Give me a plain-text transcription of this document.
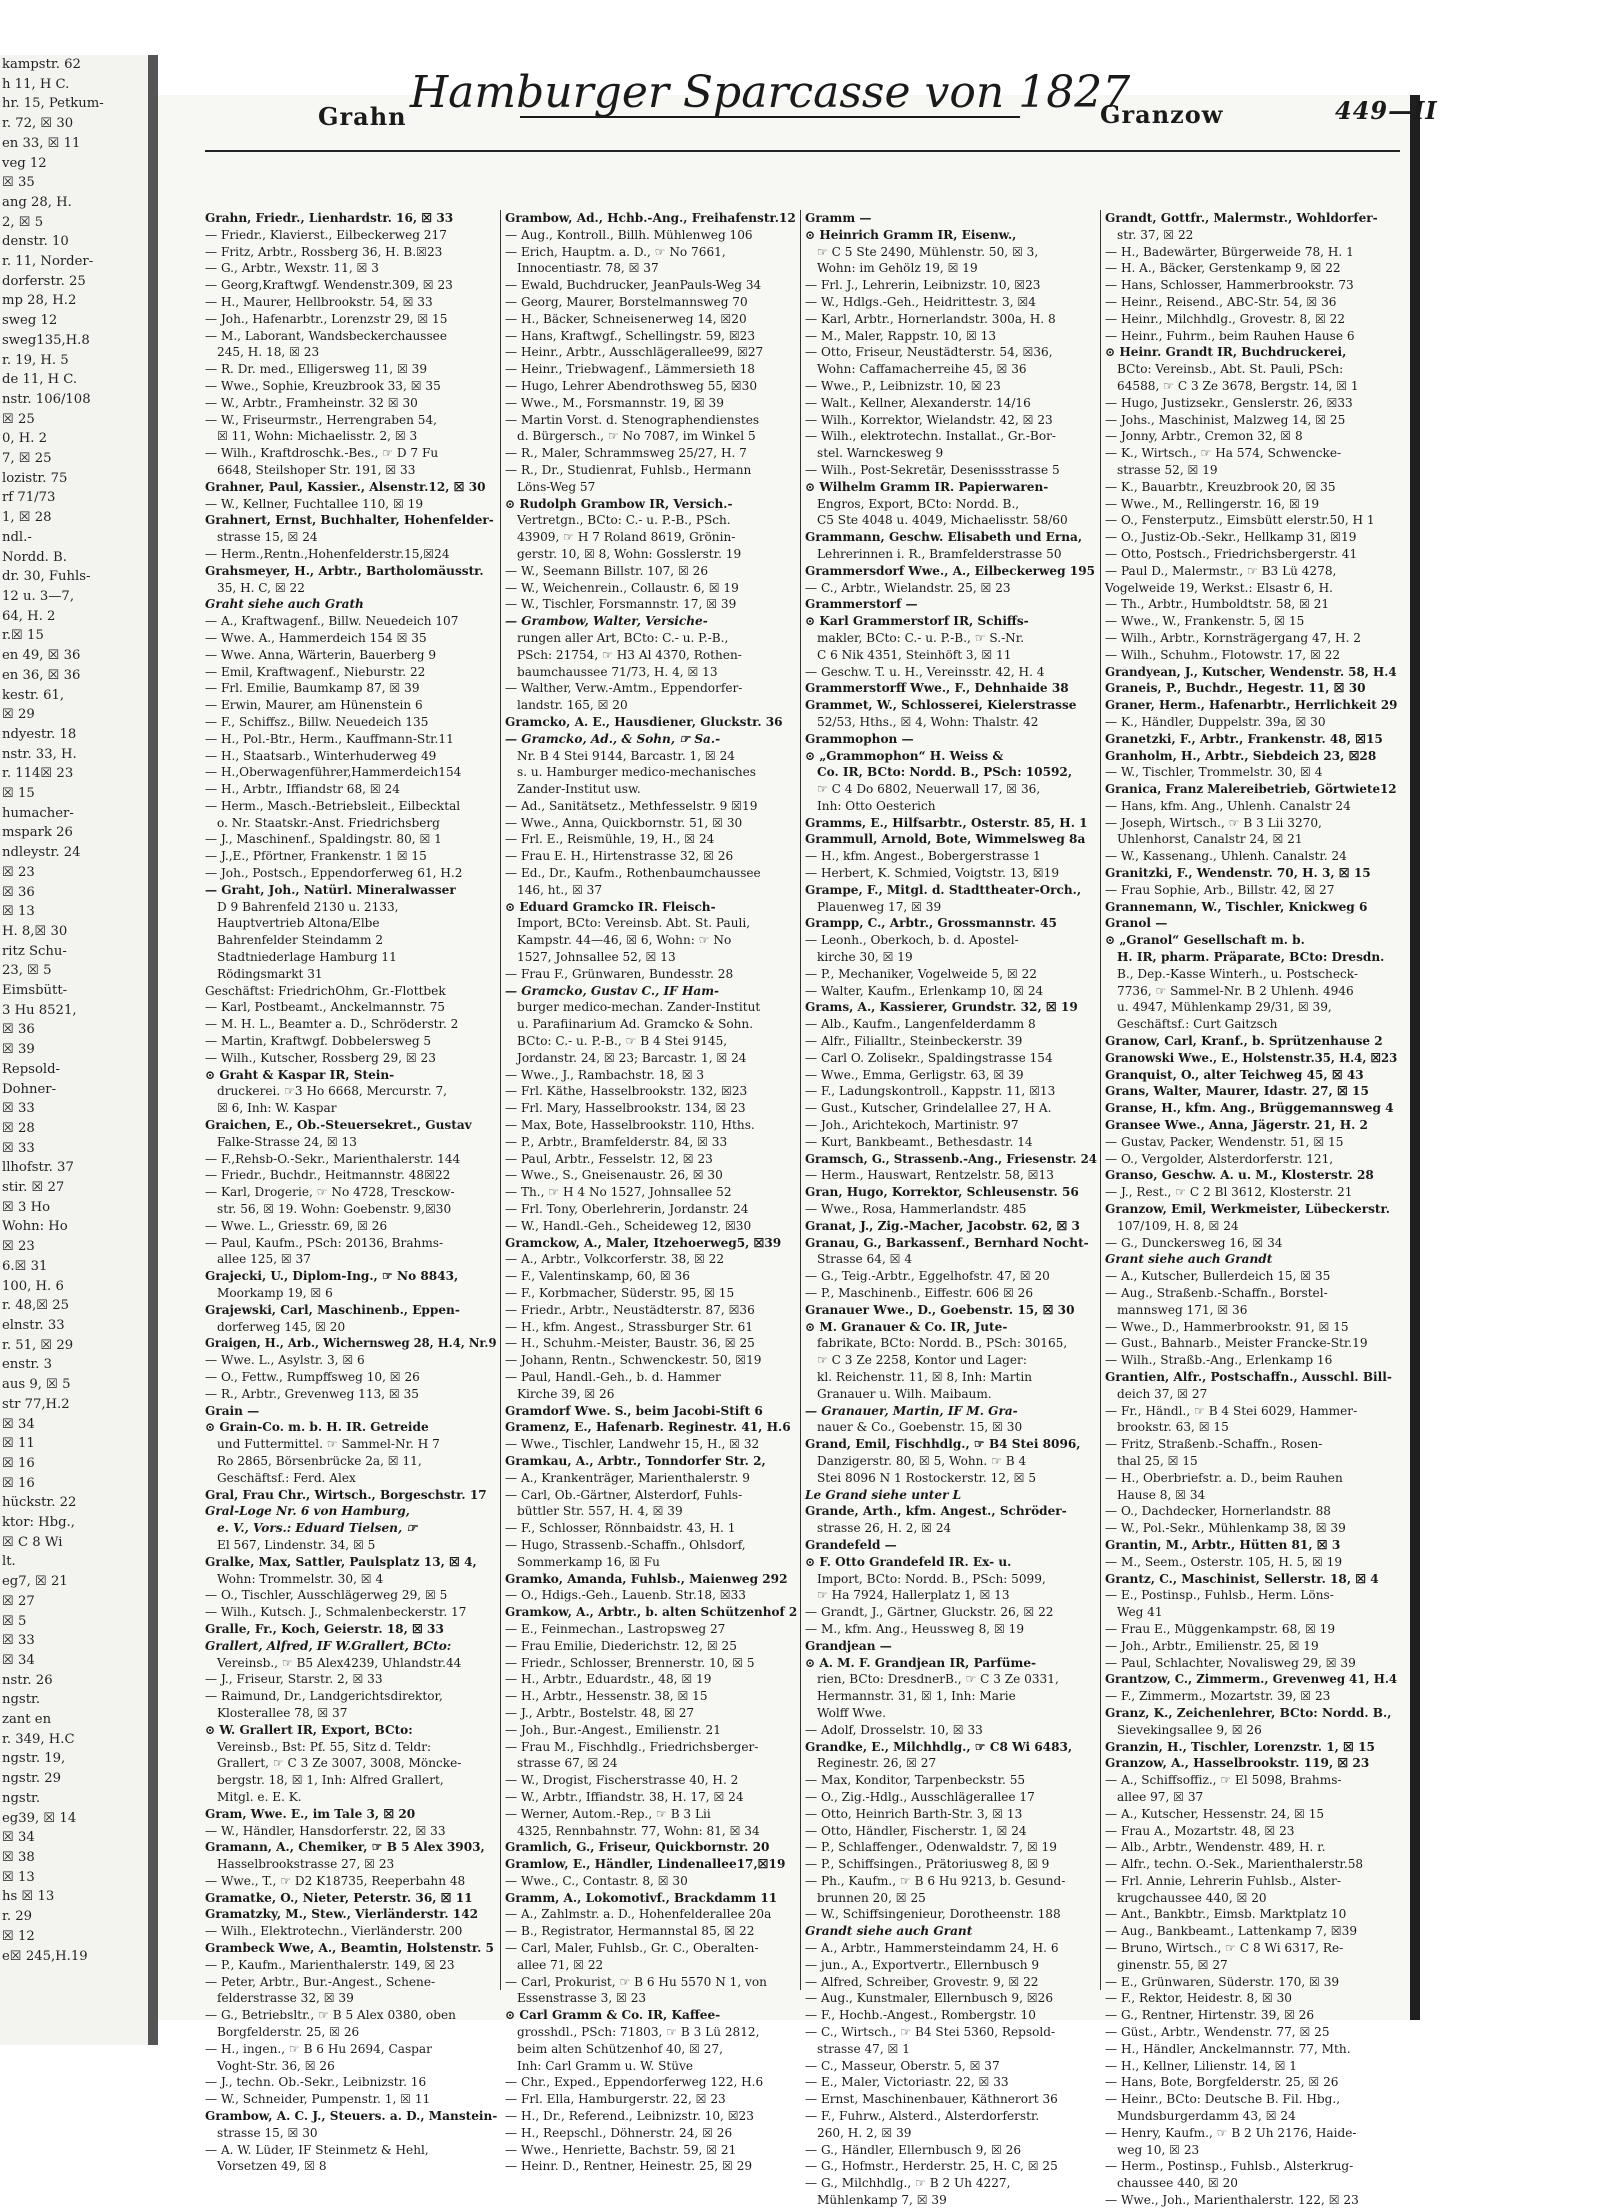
kampstr. 62
h 11, H C.
hr. 15, Petkum-
r. 72, ☒ 30
en 33, ☒ 11
veg 12
☒ 35
ang 28, H.
2, ☒ 5
denstr. 10
r. 11, Norder-
dorferstr. 25
mp 28, H.2
sweg 12
sweg135,H.8
r. 19, H. 5
de 11, H C.
nstr. 106/108
☒ 25
0, H. 2
7, ☒ 25
lozistr. 75
rf 71/73
1, ☒ 28
ndl.-
Nordd. B.
dr. 30, Fuhls-
12 u. 3—7,
64, H. 2
r.☒ 15
en 49, ☒ 36
en 36, ☒ 36
kestr. 61,
☒ 29
ndyestr. 18
nstr. 33, H.
r. 114☒ 23
☒ 15
humacher-
mspark 26
ndleystr. 24
☒ 23
☒ 36
☒ 13
H. 8,☒ 30
ritz Schu-
23, ☒ 5
Eimsbütt-
3 Hu 8521,
☒ 36
☒ 39
Repsold-
Dohner-
☒ 33
☒ 28
☒ 33
llhofstr. 37
stir. ☒ 27
☒ 3 Ho
Wohn: Ho
☒ 23
6.☒ 31
100, H. 6
r. 48,☒ 25
elnstr. 33
r. 51, ☒ 29
enstr. 3
aus 9, ☒ 5
str 77,H.2
☒ 34
☒ 11
☒ 16
☒ 16
hückstr. 22
ktor: Hbg.,
☒ C 8 Wi
lt.
eg7, ☒ 21
☒ 27
☒ 5
☒ 33
☒ 34
nstr. 26
ngstr.
zant en
r. 349, H.C
ngstr. 19,
ngstr. 29
ngstr.
eg39, ☒ 14
☒ 34
☒ 38
☒ 13
hs ☒ 13
r. 29
☒ 12
e☒ 245,H.19
Grahn Hamburger Sparcasse von 1827
Granzow	449—II
Grahn, Friedr., Lienhardstr. 16, ☒ 33
— Friedr., Klavierst., Eilbeckerweg 217
— Fritz, Arbtr., Rossberg 36, H. B.☒23
— G., Arbtr., Wexstr. 11, ☒ 3
— Georg,Kraftwgf. Wendenstr.309, ☒ 23
— H., Maurer, Hellbrookstr. 54, ☒ 33
— Joh., Hafenarbtr., Lorenzstr 29, ☒ 15
— M., Laborant, Wandsbeckerchaussee
245, H. 18, ☒ 23
— R. Dr. med., Elligersweg 11, ☒ 39
— Wwe., Sophie, Kreuzbrook 33, ☒ 35
— W., Arbtr., Framheinstr. 32 ☒ 30
— W., Friseurmstr., Herrengraben 54,
☒ 11, Wohn: Michaelisstr. 2, ☒ 3
— Wilh., Kraftdroschk.-Bes., ☞ D 7 Fu
6648, Steilshoper Str. 191, ☒ 33
Grahner, Paul, Kassier., Alsenstr.12, ☒ 30
— W., Kellner, Fuchtallee 110, ☒ 19
Grahnert, Ernst, Buchhalter, Hohenfelder-
strasse 15, ☒ 24
— Herm.,Rentn.,Hohenfelderstr.15,☒24
Grahsmeyer, H., Arbtr., Bartholomäusstr.
35, H. C, ☒ 22
Graht siehe auch Grath
— A., Kraftwagenf., Billw. Neuedeich 107
— Wwe. A., Hammerdeich 154 ☒ 35
— Wwe. Anna, Wärterin, Bauerberg 9
— Emil, Kraftwagenf., Nieburstr. 22
— Frl. Emilie, Baumkamp 87, ☒ 39
— Erwin, Maurer, am Hünenstein 6
— F., Schiffsz., Billw. Neuedeich 135
— H., Pol.-Btr., Herm., Kauffmann-Str.11
— H., Staatsarb., Winterhuderweg 49
— H.,Oberwagenführer,Hammerdeich154
— H., Arbtr., Iffiandstr 68, ☒ 24
— Herm., Masch.-Betriebsleit., Eilbecktal
o. Nr. Staatskr.-Anst. Friedrichsberg
— J., Maschinenf., Spaldingstr. 80, ☒ 1
— J.,E., Pförtner, Frankenstr. 1 ☒ 15
— Joh., Postsch., Eppendorferweg 61, H.2
— Graht, Joh., Natürl. Mineralwasser
D 9 Bahrenfeld 2130 u. 2133,
Hauptvertrieb Altona/Elbe
Bahrenfelder Steindamm 2
Stadtniederlage Hamburg 11
Rödingsmarkt 31
Geschäftst: FriedrichOhm, Gr.-Flottbek
— Karl, Postbeamt., Anckelmannstr. 75
— M. H. L., Beamter a. D., Schröderstr. 2
— Martin, Kraftwgf. Dobbelersweg 5
— Wilh., Kutscher, Rossberg 29, ☒ 23
⊙ Graht & Kaspar IR, Stein-
druckerei. ☞3 Ho 6668, Mercurstr. 7,
☒ 6, Inh: W. Kaspar
Graichen, E., Ob.-Steuersekret., Gustav
Falke-Strasse 24, ☒ 13
— F.,Rehsb-O.-Sekr., Marienthalerstr. 144
— Friedr., Buchdr., Heitmannstr. 48☒22
— Karl, Drogerie, ☞ No 4728, Tresckow-
str. 56, ☒ 19. Wohn: Goebenstr. 9,☒30
— Wwe. L., Griesstr. 69, ☒ 26
— Paul, Kaufm., PSch: 20136, Brahms-
allee 125, ☒ 37
Grajecki, U., Diplom-Ing., ☞ No 8843,
Moorkamp 19, ☒ 6
Grajewski, Carl, Maschinenb., Eppen-
dorferweg 145, ☒ 20
Graigen, H., Arb., Wichernsweg 28, H.4, Nr.9
— Wwe. L., Asylstr. 3, ☒ 6
— O., Fettw., Rumpffsweg 10, ☒ 26
— R., Arbtr., Grevenweg 113, ☒ 35
Grain —
⊙ Grain-Co. m. b. H. IR. Getreide
und Futtermittel. ☞ Sammel-Nr. H 7
Ro 2865, Börsenbrücke 2a, ☒ 11,
Geschäftsf.: Ferd. Alex
Gral, Frau Chr., Wirtsch., Borgeschstr. 17
Gral-Loge Nr. 6 von Hamburg,
e. V., Vors.: Eduard Tielsen, ☞
El 567, Lindenstr. 34, ☒ 5
Gralke, Max, Sattler, Paulsplatz 13, ☒ 4,
Wohn: Trommelstr. 30, ☒ 4
— O., Tischler, Ausschlägerweg 29, ☒ 5
— Wilh., Kutsch. J., Schmalenbeckerstr. 17
Gralle, Fr., Koch, Geierstr. 18, ☒ 33
Grallert, Alfred, IF W.Grallert, BCto:
Vereinsb., ☞ B5 Alex4239, Uhlandstr.44
— J., Friseur, Starstr. 2, ☒ 33
— Raimund, Dr., Landgerichtsdirektor,
Klosterallee 78, ☒ 37
⊙ W. Grallert IR, Export, BCto:
Vereinsb., Bst: Pf. 55, Sitz d. Teldr:
Grallert, ☞ C 3 Ze 3007, 3008, Möncke-
bergstr. 18, ☒ 1, Inh: Alfred Grallert,
Mitgl. e. E. K.
Gram, Wwe. E., im Tale 3, ☒ 20
— W., Händler, Hansdorferstr. 22, ☒ 33
Gramann, A., Chemiker, ☞ B 5 Alex 3903,
Hasselbrookstrasse 27, ☒ 23
— Wwe., T., ☞ D2 K18735, Reeperbahn 48
Gramatke, O., Nieter, Peterstr. 36, ☒ 11
Gramatzky, M., Stew., Vierländerstr. 142
— Wilh., Elektrotechn., Vierländerstr. 200
Grambeck Wwe, A., Beamtin, Holstenstr. 5
— P., Kaufm., Marienthalerstr. 149, ☒ 23
— Peter, Arbtr., Bur.-Angest., Schene-
felderstrasse 32, ☒ 39
— G., Betriebsltr., ☞ B 5 Alex 0380, oben
Borgfelderstr. 25, ☒ 26
— H., ingen., ☞ B 6 Hu 2694, Caspar
Voght-Str. 36, ☒ 26
— J., techn. Ob.-Sekr., Leibnizstr. 16
— W., Schneider, Pumpenstr. 1, ☒ 11
Grambow, A. C. J., Steuers. a. D., Manstein-
strasse 15, ☒ 30
— A. W. Lüder, IF Steinmetz & Hehl,
Vorsetzen 49, ☒ 8
Grambow, Ad., Hchb.-Ang., Freihafenstr.12
— Aug., Kontroll., Billh. Mühlenweg 106
— Erich, Hauptm. a. D., ☞ No 7661,
Innocentiastr. 78, ☒ 37
— Ewald, Buchdrucker, JeanPauls-Weg 34
— Georg, Maurer, Borstelmannsweg 70
— H., Bäcker, Schneisenerweg 14, ☒20
— Hans, Kraftwgf., Schellingstr. 59, ☒23
— Heinr., Arbtr., Ausschlägerallee99, ☒27
— Heinr., Triebwagenf., Lämmersieth 18
— Hugo, Lehrer Abendrothsweg 55, ☒30
— Wwe., M., Forsmannstr. 19, ☒ 39
— Martin Vorst. d. Stenographendienstes
d. Bürgersch., ☞ No 7087, im Winkel 5
— R., Maler, Schrammsweg 25/27, H. 7
— R., Dr., Studienrat, Fuhlsb., Hermann
Löns-Weg 57
⊙ Rudolph Grambow IR, Versich.-
Vertretgn., BCto: C.- u. P.-B., PSch.
43909, ☞ H 7 Roland 8619, Grönin-
gerstr. 10, ☒ 8, Wohn: Gosslerstr. 19
— W., Seemann Billstr. 107, ☒ 26
— W., Weichenrein., Collaustr. 6, ☒ 19
— W., Tischler, Forsmannstr. 17, ☒ 39
— Grambow, Walter, Versiche-
rungen aller Art, BCto: C.- u. P.-B.,
PSch: 21754, ☞ H3 Al 4370, Rothen-
baumchaussee 71/73, H. 4, ☒ 13
— Walther, Verw.-Amtm., Eppendorfer-
landstr. 165, ☒ 20
Gramcko, A. E., Hausdiener, Gluckstr. 36
— Gramcko, Ad., & Sohn, ☞ Sa.-
Nr. B 4 Stei 9144, Barcastr. 1, ☒ 24
s. u. Hamburger medico-mechanisches
Zander-Institut usw.
— Ad., Sanitätsetz., Methfesselstr. 9 ☒19
— Wwe., Anna, Quickbornstr. 51, ☒ 30
— Frl. E., Reismühle, 19, H., ☒ 24
— Frau E. H., Hirtenstrasse 32, ☒ 26
— Ed., Dr., Kaufm., Rothenbaumchaussee
146, ht., ☒ 37
⊙ Eduard Gramcko IR. Fleisch-
Import, BCto: Vereinsb. Abt. St. Pauli,
Kampstr. 44—46, ☒ 6, Wohn: ☞ No
1527, Johnsallee 52, ☒ 13
— Frau F., Grünwaren, Bundesstr. 28
— Gramcko, Gustav C., IF Ham-
burger medico-mechan. Zander-Institut
u. Parafiinarium Ad. Gramcko & Sohn.
BCto: C.- u. P.-B., ☞ B 4 Stei 9145,
Jordanstr. 24, ☒ 23; Barcastr. 1, ☒ 24
— Wwe., J., Rambachstr. 18, ☒ 3
— Frl. Käthe, Hasselbrookstr. 132, ☒23
— Frl. Mary, Hasselbrookstr. 134, ☒ 23
— Max, Bote, Hasselbrookstr. 110, Hths.
— P., Arbtr., Bramfelderstr. 84, ☒ 33
— Paul, Arbtr., Fesselstr. 12, ☒ 23
— Wwe., S., Gneisenaustr. 26, ☒ 30
— Th., ☞ H 4 No 1527, Johnsallee 52
— Frl. Tony, Oberlehrerin, Jordanstr. 24
— W., Handl.-Geh., Scheideweg 12, ☒30
Gramckow, A., Maler, Itzehoerweg5, ☒39
— A., Arbtr., Volkcorferstr. 38, ☒ 22
— F., Valentinskamp, 60, ☒ 36
— F., Korbmacher, Süderstr. 95, ☒ 15
— Friedr., Arbtr., Neustädterstr. 87, ☒36
— H., kfm. Angest., Strassburger Str. 61
— H., Schuhm.-Meister, Baustr. 36, ☒ 25
— Johann, Rentn., Schwenckestr. 50, ☒19
— Paul, Handl.-Geh., b. d. Hammer
Kirche 39, ☒ 26
Gramdorf Wwe. S., beim Jacobi-Stift 6
Gramenz, E., Hafenarb. Reginestr. 41, H.6
— Wwe., Tischler, Landwehr 15, H., ☒ 32
Gramkau, A., Arbtr., Tonndorfer Str. 2,
— A., Krankenträger, Marienthalerstr. 9
— Carl, Ob.-Gärtner, Alsterdorf, Fuhls-
büttler Str. 557, H. 4, ☒ 39
— F., Schlosser, Rönnbaidstr. 43, H. 1
— Hugo, Strassenb.-Schaffn., Ohlsdorf,
Sommerkamp 16, ☒ Fu
Gramko, Amanda, Fuhlsb., Maienweg 292
— O., Hdigs.-Geh., Lauenb. Str.18, ☒33
Gramkow, A., Arbtr., b. alten Schützenhof 2
— E., Feinmechan., Lastropsweg 27
— Frau Emilie, Diederichstr. 12, ☒ 25
— Friedr., Schlosser, Brennerstr. 10, ☒ 5
— H., Arbtr., Eduardstr., 48, ☒ 19
— H., Arbtr., Hessenstr. 38, ☒ 15
— J., Arbtr., Bostelstr. 48, ☒ 27
— Joh., Bur.-Angest., Emilienstr. 21
— Frau M., Fischhdlg., Friedrichsberger-
strasse 67, ☒ 24
— W., Drogist, Fischerstrasse 40, H. 2
— W., Arbtr., Iffiandstr. 38, H. 17, ☒ 24
— Werner, Autom.-Rep., ☞ B 3 Lii
4325, Rennbahnstr. 77, Wohn: 81, ☒ 34
Gramlich, G., Friseur, Quickbornstr. 20
Gramlow, E., Händler, Lindenallee17,☒19
— Wwe., C., Contastr. 8, ☒ 30
Gramm, A., Lokomotivf., Brackdamm 11
— A., Zahlmstr. a. D., Hohenfelderallee 20a
— B., Registrator, Hermannstal 85, ☒ 22
— Carl, Maler, Fuhlsb., Gr. C., Oberalten-
allee 71, ☒ 22
— Carl, Prokurist, ☞ B 6 Hu 5570 N 1, von
Essenstrasse 3, ☒ 23
⊙ Carl Gramm & Co. IR, Kaffee-
grosshdl., PSch: 71803, ☞ B 3 Lü 2812,
beim alten Schützenhof 40, ☒ 27,
Inh: Carl Gramm u. W. Stüve
— Chr., Exped., Eppendorferweg 122, H.6
— Frl. Ella, Hamburgerstr. 22, ☒ 23
— H., Dr., Referend., Leibnizstr. 10, ☒23
— H., Reepschl., Döhnerstr. 24, ☒ 26
— Wwe., Henriette, Bachstr. 59, ☒ 21
— Heinr. D., Rentner, Heinestr. 25, ☒ 29
Gramm —
⊙ Heinrich Gramm IR, Eisenw.,
☞ C 5 Ste 2490, Mühlenstr. 50, ☒ 3,
Wohn: im Gehölz 19, ☒ 19
— Frl. J., Lehrerin, Leibnizstr. 10, ☒23
— W., Hdlgs.-Geh., Heidrittestr. 3, ☒4
— Karl, Arbtr., Hornerlandstr. 300a, H. 8
— M., Maler, Rappstr. 10, ☒ 13
— Otto, Friseur, Neustädterstr. 54, ☒36,
Wohn: Caffamacherreihe 45, ☒ 36
— Wwe., P., Leibnizstr. 10, ☒ 23
— Walt., Kellner, Alexanderstr. 14/16
— Wilh., Korrektor, Wielandstr. 42, ☒ 23
— Wilh., elektrotechn. Installat., Gr.-Bor-
stel. Warnckesweg 9
— Wilh., Post-Sekretär, Desenissstrasse 5
⊙ Wilhelm Gramm IR. Papierwaren-
Engros, Export, BCto: Nordd. B.,
C5 Ste 4048 u. 4049, Michaelisstr. 58/60
Grammann, Geschw. Elisabeth und Erna,
Lehrerinnen i. R., Bramfelderstrasse 50
Grammersdorf Wwe., A., Eilbeckerweg 195
— C., Arbtr., Wielandstr. 25, ☒ 23
Grammerstorf —
⊙ Karl Grammerstorf IR, Schiffs-
makler, BCto: C.- u. P.-B., ☞ S.-Nr.
C 6 Nik 4351, Steinhöft 3, ☒ 11
— Geschw. T. u. H., Vereinsstr. 42, H. 4
Grammerstorff Wwe., F., Dehnhaide 38
Grammet, W., Schlosserei, Kielerstrasse
52/53, Hths., ☒ 4, Wohn: Thalstr. 42
Grammophon —
⊙ „Grammophon“ H. Weiss &
Co. IR, BCto: Nordd. B., PSch: 10592,
☞ C 4 Do 6802, Neuerwall 17, ☒ 36,
Inh: Otto Oesterich
Gramms, E., Hilfsarbtr., Osterstr. 85, H. 1
Grammull, Arnold, Bote, Wimmelsweg 8a
— H., kfm. Angest., Bobergerstrasse 1
— Herbert, K. Schmied, Voigtstr. 13, ☒19
Grampe, F., Mitgl. d. Stadttheater-Orch.,
Plauenweg 17, ☒ 39
Grampp, C., Arbtr., Grossmannstr. 45
— Leonh., Oberkoch, b. d. Apostel-
kirche 30, ☒ 19
— P., Mechaniker, Vogelweide 5, ☒ 22
— Walter, Kaufm., Erlenkamp 10, ☒ 24
Grams, A., Kassierer, Grundstr. 32, ☒ 19
— Alb., Kaufm., Langenfelderdamm 8
— Alfr., Filialltr., Steinbeckerstr. 39
— Carl O. Zolisekr., Spaldingstrasse 154
— Wwe., Emma, Gerligstr. 63, ☒ 39
— F., Ladungskontroll., Kappstr. 11, ☒13
— Gust., Kutscher, Grindelallee 27, H A.
— Joh., Arichtekoch, Martinistr. 97
— Kurt, Bankbeamt., Bethesdastr. 14
Gramsch, G., Strassenb.-Ang., Friesenstr. 24
— Herm., Hauswart, Rentzelstr. 58, ☒13
Gran, Hugo, Korrektor, Schleusenstr. 56
— Wwe., Rosa, Hammerlandstr. 485
Granat, J., Zig.-Macher, Jacobstr. 62, ☒ 3
Granau, G., Barkassenf., Bernhard Nocht-
Strasse 64, ☒ 4
— G., Teig.-Arbtr., Eggelhofstr. 47, ☒ 20
— P., Maschinenb., Eiffestr. 606 ☒ 26
Granauer Wwe., D., Goebenstr. 15, ☒ 30
⊙ M. Granauer & Co. IR, Jute-
fabrikate, BCto: Nordd. B., PSch: 30165,
☞ C 3 Ze 2258, Kontor und Lager:
kl. Reichenstr. 11, ☒ 8, Inh: Martin
Granauer u. Wilh. Maibaum.
— Granauer, Martin, IF M. Gra-
nauer & Co., Goebenstr. 15, ☒ 30
Grand, Emil, Fischhdlg., ☞ B4 Stei 8096,
Danzigerstr. 80, ☒ 5, Wohn. ☞ B 4
Stei 8096 N 1 Rostockerstr. 12, ☒ 5
Le Grand siehe unter L
Grande, Arth., kfm. Angest., Schröder-
strasse 26, H. 2, ☒ 24
Grandefeld —
⊙ F. Otto Grandefeld IR. Ex- u.
Import, BCto: Nordd. B., PSch: 5099,
☞ Ha 7924, Hallerplatz 1, ☒ 13
— Grandt, J., Gärtner, Gluckstr. 26, ☒ 22
— M., kfm. Ang., Heussweg 8, ☒ 19
Grandjean —
⊙ A. M. F. Grandjean IR, Parfüme-
rien, BCto: DresdnerB., ☞ C 3 Ze 0331,
Hermannstr. 31, ☒ 1, Inh: Marie
Wolff Wwe.
— Adolf, Drosselstr. 10, ☒ 33
Grandke, E., Milchhdlg., ☞ C8 Wi 6483,
Reginestr. 26, ☒ 27
— Max, Konditor, Tarpenbeckstr. 55
— O., Zig.-Hdlg., Ausschlägerallee 17
— Otto, Heinrich Barth-Str. 3, ☒ 13
— Otto, Händler, Fischerstr. 1, ☒ 24
— P., Schlaffenger., Odenwaldstr. 7, ☒ 19
— P., Schiffsingen., Prätoriusweg 8, ☒ 9
— Ph., Kaufm., ☞ B 6 Hu 9213, b. Gesund-
brunnen 20, ☒ 25
— W., Schiffsingenieur, Dorotheenstr. 188
Grandt siehe auch Grant
— A., Arbtr., Hammersteindamm 24, H. 6
— jun., A., Exportvertr., Ellernbusch 9
— Alfred, Schreiber, Grovestr. 9, ☒ 22
— Aug., Kunstmaler, Ellernbusch 9, ☒26
— F., Hochb.-Angest., Rombergstr. 10
— C., Wirtsch., ☞ B4 Stei 5360, Repsold-
strasse 47, ☒ 1
— C., Masseur, Oberstr. 5, ☒ 37
— E., Maler, Victoriastr. 22, ☒ 33
— Ernst, Maschinenbauer, Käthnerort 36
— F., Fuhrw., Alsterd., Alsterdorferstr.
260, H. 2, ☒ 39
— G., Händler, Ellernbusch 9, ☒ 26
— G., Hofmstr., Herderstr. 25, H. C, ☒ 25
— G., Milchhdlg., ☞ B 2 Uh 4227,
Mühlenkamp 7, ☒ 39
Grandt, Gottfr., Malermstr., Wohldorfer-
str. 37, ☒ 22
— H., Badewärter, Bürgerweide 78, H. 1
— H. A., Bäcker, Gerstenkamp 9, ☒ 22
— Hans, Schlosser, Hammerbrookstr. 73
— Heinr., Reisend., ABC-Str. 54, ☒ 36
— Heinr., Milchhdlg., Grovestr. 8, ☒ 22
— Heinr., Fuhrm., beim Rauhen Hause 6
⊙ Heinr. Grandt IR, Buchdruckerei,
BCto: Vereinsb., Abt. St. Pauli, PSch:
64588, ☞ C 3 Ze 3678, Bergstr. 14, ☒ 1
— Hugo, Justizsekr., Genslerstr. 26, ☒33
— Johs., Maschinist, Malzweg 14, ☒ 25
— Jonny, Arbtr., Cremon 32, ☒ 8
— K., Wirtsch., ☞ Ha 574, Schwencke-
strasse 52, ☒ 19
— K., Bauarbtr., Kreuzbrook 20, ☒ 35
— Wwe., M., Rellingerstr. 16, ☒ 19
— O., Fensterputz., Eimsbütt elerstr.50, H 1
— O., Justiz-Ob.-Sekr., Hellkamp 31, ☒19
— Otto, Postsch., Friedrichsbergerstr. 41
— Paul D., Malermstr., ☞ B3 Lü 4278,
Vogelweide 19, Werkst.: Elsastr 6, H.
— Th., Arbtr., Humboldtstr. 58, ☒ 21
— Wwe., W., Frankenstr. 5, ☒ 15
— Wilh., Arbtr., Kornsträgergang 47, H. 2
— Wilh., Schuhm., Flotowstr. 17, ☒ 22
Grandyean, J., Kutscher, Wendenstr. 58, H.4
Graneis, P., Buchdr., Hegestr. 11, ☒ 30
Graner, Herm., Hafenarbtr., Herrlichkeit 29
— K., Händler, Duppelstr. 39a, ☒ 30
Granetzki, F., Arbtr., Frankenstr. 48, ☒15
Granholm, H., Arbtr., Siebdeich 23, ☒28
— W., Tischler, Trommelstr. 30, ☒ 4
Granica, Franz Malereibetrieb, Görtwiete12
— Hans, kfm. Ang., Uhlenh. Canalstr 24
— Joseph, Wirtsch., ☞ B 3 Lii 3270,
Uhlenhorst, Canalstr 24, ☒ 21
— W., Kassenang., Uhlenh. Canalstr. 24
Granitzki, F., Wendenstr. 70, H. 3, ☒ 15
— Frau Sophie, Arb., Billstr. 42, ☒ 27
Grannemann, W., Tischler, Knickweg 6
Granol —
⊙ „Granol“ Gesellschaft m. b.
H. IR, pharm. Präparate, BCto: Dresdn.
B., Dep.-Kasse Winterh., u. Postscheck-
7736, ☞ Sammel-Nr. B 2 Uhlenh. 4946
u. 4947, Mühlenkamp 29/31, ☒ 39,
Geschäftsf.: Curt Gaitzsch
Granow, Carl, Kranf., b. Sprützenhause 2
Granowski Wwe., E., Holstenstr.35, H.4, ☒23
Granquist, O., alter Teichweg 45, ☒ 43
Grans, Walter, Maurer, Idastr. 27, ☒ 15
Granse, H., kfm. Ang., Brüggemannsweg 4
Gransee Wwe., Anna, Jägerstr. 21, H. 2
— Gustav, Packer, Wendenstr. 51, ☒ 15
— O., Vergolder, Alsterdorferstr. 121,
Granso, Geschw. A. u. M., Klosterstr. 28
— J., Rest., ☞ C 2 Bl 3612, Klosterstr. 21
Granzow, Emil, Werkmeister, Lübeckerstr.
107/109, H. 8, ☒ 24
— G., Dunckersweg 16, ☒ 34
Grant siehe auch Grandt
— A., Kutscher, Bullerdeich 15, ☒ 35
— Aug., Straßenb.-Schaffn., Borstel-
mannsweg 171, ☒ 36
— Wwe., D., Hammerbrookstr. 91, ☒ 15
— Gust., Bahnarb., Meister Francke-Str.19
— Wilh., Straßb.-Ang., Erlenkamp 16
Grantien, Alfr., Postschaffn., Ausschl. Bill-
deich 37, ☒ 27
— Fr., Händl., ☞ B 4 Stei 6029, Hammer-
brookstr. 63, ☒ 15
— Fritz, Straßenb.-Schaffn., Rosen-
thal 25, ☒ 15
— H., Oberbriefstr. a. D., beim Rauhen
Hause 8, ☒ 34
— O., Dachdecker, Hornerlandstr. 88
— W., Pol.-Sekr., Mühlenkamp 38, ☒ 39
Grantin, M., Arbtr., Hütten 81, ☒ 3
— M., Seem., Osterstr. 105, H. 5, ☒ 19
Grantz, C., Maschinist, Sellerstr. 18, ☒ 4
— E., Postinsp., Fuhlsb., Herm. Löns-
Weg 41
— Frau E., Müggenkampstr. 68, ☒ 19
— Joh., Arbtr., Emilienstr. 25, ☒ 19
— Paul, Schlachter, Novalisweg 29, ☒ 39
Grantzow, C., Zimmerm., Grevenweg 41, H.4
— F., Zimmerm., Mozartstr. 39, ☒ 23
Granz, K., Zeichenlehrer, BCto: Nordd. B.,
Sievekingsallee 9, ☒ 26
Granzin, H., Tischler, Lorenzstr. 1, ☒ 15
Granzow, A., Hasselbrookstr. 119, ☒ 23
— A., Schiffsoffiz., ☞ El 5098, Brahms-
allee 97, ☒ 37
— A., Kutscher, Hessenstr. 24, ☒ 15
— Frau A., Mozartstr. 48, ☒ 23
— Alb., Arbtr., Wendenstr. 489, H. r.
— Alfr., techn. O.-Sek., Marienthalerstr.58
— Frl. Annie, Lehrerin Fuhlsb., Alster-
krugchaussee 440, ☒ 20
— Ant., Bankbtr., Eimsb. Marktplatz 10
— Aug., Bankbeamt., Lattenkamp 7, ☒39
— Bruno, Wirtsch., ☞ C 8 Wi 6317, Re-
ginenstr. 55, ☒ 27
— E., Grünwaren, Süderstr. 170, ☒ 39
— F., Rektor, Heidestr. 8, ☒ 30
— G., Rentner, Hirtenstr. 39, ☒ 26
— Güst., Arbtr., Wendenstr. 77, ☒ 25
— H., Händler, Anckelmannstr. 77, Mth.
— H., Kellner, Lilienstr. 14, ☒ 1
— Hans, Bote, Borgfelderstr. 25, ☒ 26
— Heinr., BCto: Deutsche B. Fil. Hbg.,
Mundsburgerdamm 43, ☒ 24
— Henry, Kaufm., ☞ B 2 Uh 2176, Haide-
weg 10, ☒ 23
— Herm., Postinsp., Fuhlsb., Alsterkrug-
chaussee 440, ☒ 20
— Wwe., Joh., Marienthalerstr. 122, ☒ 23
